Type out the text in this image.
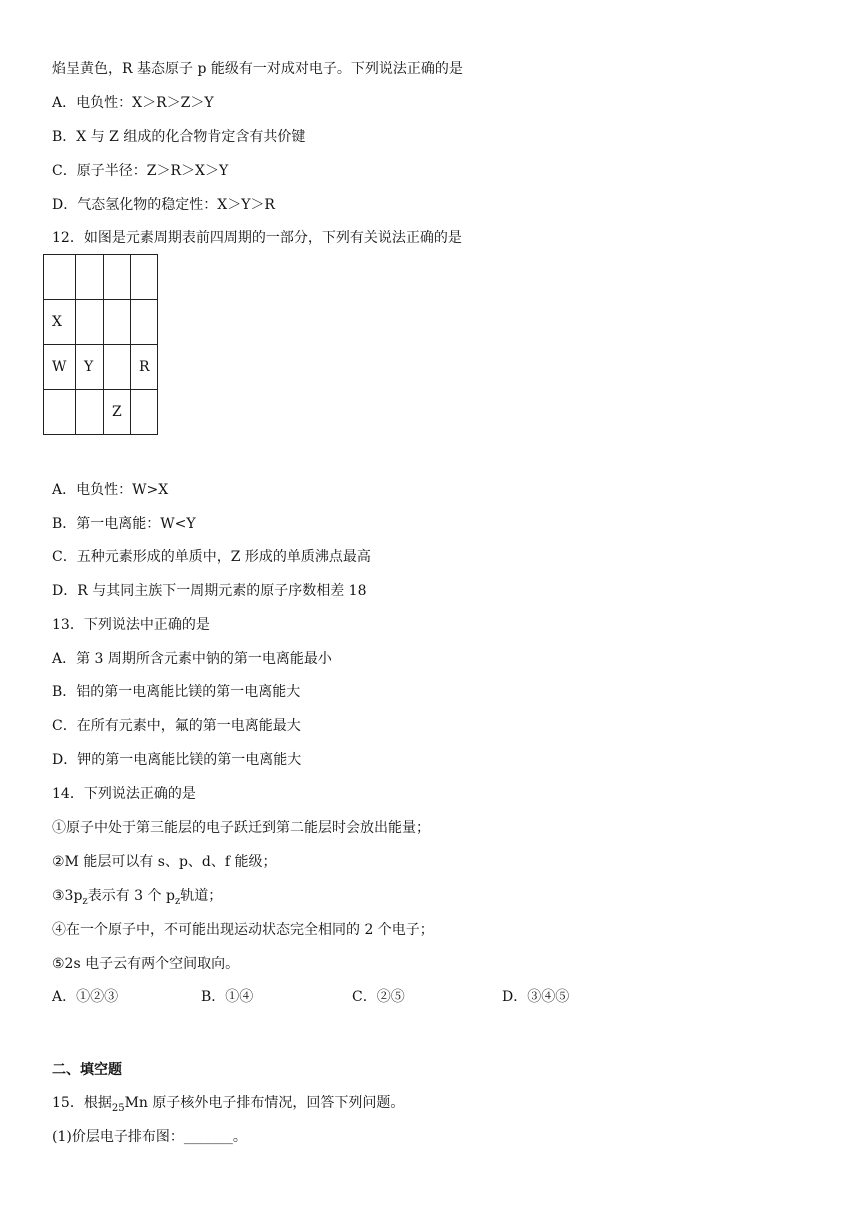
焰呈黄色，R 基态原子 p 能级有一对成对电子。下列说法正确的是
A．电负性：X＞R＞Z＞Y
B．X 与 Z 组成的化合物肯定含有共价键
C．原子半径：Z＞R＞X＞Y
D．气态氢化物的稳定性：X＞Y＞R
12．如图是元素周期表前四周期的一部分，下列有关说法正确的是

X			
W	Y		R
		Z	
A．电负性：W>X
B．第一电离能：W<Y
C．五种元素形成的单质中，Z 形成的单质沸点最高
D．R 与其同主族下一周期元素的原子序数相差 18
13．下列说法中正确的是
A．第 3 周期所含元素中钠的第一电离能最小
B．铝的第一电离能比镁的第一电离能大
C．在所有元素中，氟的第一电离能最大
D．钾的第一电离能比镁的第一电离能大
14．下列说法正确的是
①原子中处于第三能层的电子跃迁到第二能层时会放出能量；
②M 能层可以有 s、p、d、f 能级；
$③3p_z$表示有 3 个 $p_z$轨道；
④在一个原子中，不可能出现运动状态完全相同的 2 个电子；
⑤2s 电子云有两个空间取向。
A．①②③	B．①④	C．②⑤	D．③④⑤
二、填空题
15．根据$_{25}$Mn 原子核外电子排布情况，回答下列问题。
(1)价层电子排布图：_______。
